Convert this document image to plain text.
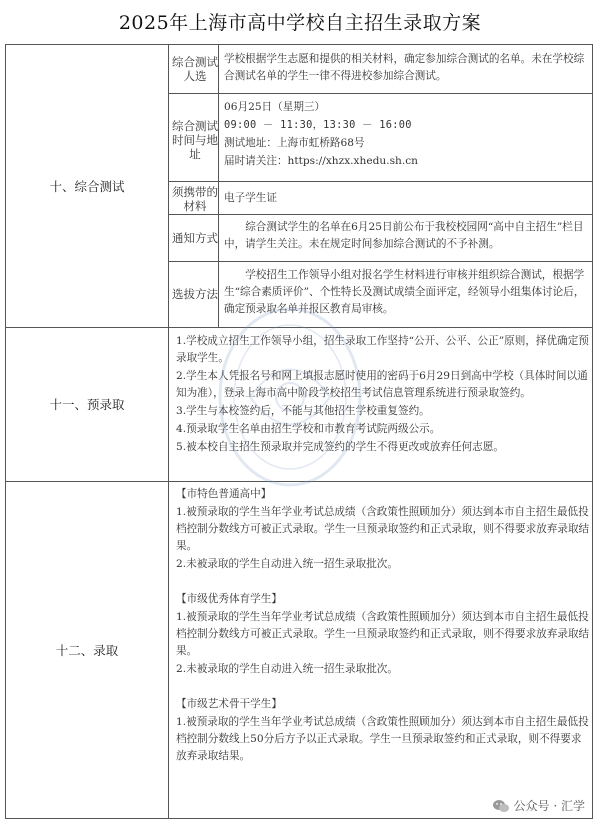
2025年上海市高中学校自主招生录取方案
十、综合测试
综合测试人选
学校根据学生志愿和提供的相关材料，确定参加综合测试的名单。未在学校综合测试名单的学生一律不得进校参加综合测试。
综合测试时间与地址
06月25日（星期三）
09:00 － 11:30，13:30 － 16:00
测试地址：上海市虹桥路68号
届时请关注：https://xhzx.xhedu.sh.cn
须携带的材料
电子学生证
通知方式
综合测试学生的名单在6月25日前公布于我校校园网“高中自主招生”栏目中，请学生关注。未在规定时间参加综合测试的不予补测。
选拔方法
学校招生工作领导小组对报名学生材料进行审核并组织综合测试，根据学生“综合素质评价”、个性特长及测试成绩全面评定，经领导小组集体讨论后，确定预录取名单并报区教育局审核。
十一、预录取
1.学校成立招生工作领导小组，招生录取工作坚持“公开、公平、公正”原则，择优确定预录取学生。
2.学生本人凭报名号和网上填报志愿时使用的密码于6月29日到高中学校（具体时间以通知为准），登录上海市高中阶段学校招生考试信息管理系统进行预录取签约。
3.学生与本校签约后，不能与其他招生学校重复签约。
4.预录取学生名单由招生学校和市教育考试院两级公示。
5.被本校自主招生预录取并完成签约的学生不得更改或放弃任何志愿。
十二、录取
【市特色普通高中】
1.被预录取的学生当年学业考试总成绩（含政策性照顾加分）须达到本市自主招生最低投档控制分数线方可被正式录取。学生一旦预录取签约和正式录取，则不得要求放弃录取结果。
2.未被录取的学生自动进入统一招生录取批次。
【市级优秀体育学生】
1.被预录取的学生当年学业考试总成绩（含政策性照顾加分）须达到本市自主招生最低投档控制分数线方可被正式录取。学生一旦预录取签约和正式录取，则不得要求放弃录取结果。
2.未被录取的学生自动进入统一招生录取批次。
【市级艺术骨干学生】
1.被预录取的学生当年学业考试总成绩（含政策性照顾加分）须达到本市自主招生最低投档控制分数线上50分后方予以正式录取。学生一旦预录取签约和正式录取，则不得要求放弃录取结果。
公众号 · 汇学
